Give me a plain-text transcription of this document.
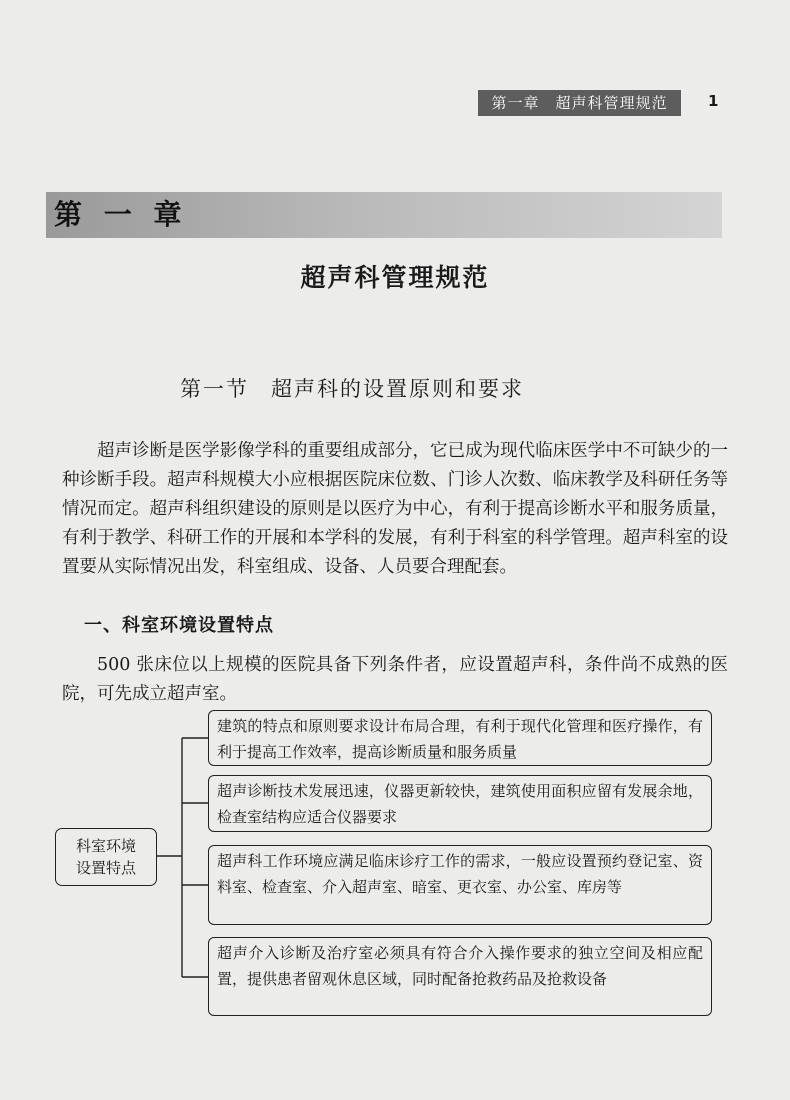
第一章 超声科管理规范	1
第 一 章
超声科管理规范
第一节 超声科的设置原则和要求

超声诊断是医学影像学科的重要组成部分，它已成为现代临床医学中不可缺少的一种诊断手段。超声科规模大小应根据医院床位数、门诊人次数、临床教学及科研任务等情况而定。超声科组织建设的原则是以医疗为中心，有利于提高诊断水平和服务质量，有利于教学、科研工作的开展和本学科的发展，有利于科室的科学管理。超声科室的设置要从实际情况出发，科室组成、设备、人员要合理配套。

一、科室环境设置特点

500 张床位以上规模的医院具备下列条件者，应设置超声科，条件尚不成熟的医院，可先成立超声室。

科室环境
设置特点
建筑的特点和原则要求设计布局合理，有利于现代化管理和医疗操作，有利于提高工作效率，提高诊断质量和服务质量
超声诊断技术发展迅速，仪器更新较快，建筑使用面积应留有发展余地，检查室结构应适合仪器要求
超声科工作环境应满足临床诊疗工作的需求，一般应设置预约登记室、资料室、检查室、介入超声室、暗室、更衣室、办公室、库房等
超声介入诊断及治疗室必须具有符合介入操作要求的独立空间及相应配置，提供患者留观休息区域，同时配备抢救药品及抢救设备
